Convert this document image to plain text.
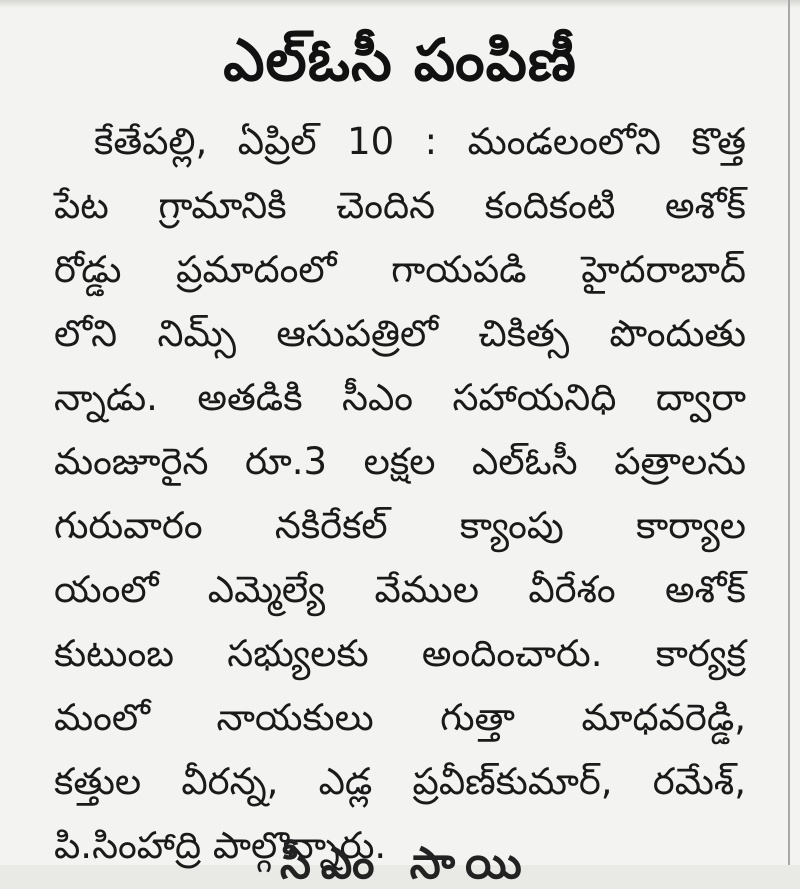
ఎల్‌ఓసీ పంపిణీ
కేతేపల్లి, ఏప్రిల్ 10 : మండలంలోని కొత్త
పేట గ్రామానికి చెందిన కందికంటి అశోక్
రోడ్డు ప్రమాదంలో గాయపడి హైదరాబాద్
లోని నిమ్స్ ఆసుపత్రిలో చికిత్స పొందుతు
న్నాడు. అతడికి సీఎం సహాయనిధి ద్వారా
మంజూరైన రూ.3 లక్షల ఎల్‌ఓసీ పత్రాలను
గురువారం నకిరేకల్ క్యాంపు కార్యాల
యంలో ఎమ్మెల్యే వేముల వీరేశం అశోక్
కుటుంబ సభ్యులకు అందించారు. కార్యక్ర
మంలో నాయకులు గుత్తా మాధవరెడ్డి,
కత్తుల వీరన్న, ఎడ్ల ప్రవీణ్‌కుమార్, రమేశ్,
పి.సింహాద్రి పాల్గొన్నారు.
సీఎం సాయి
